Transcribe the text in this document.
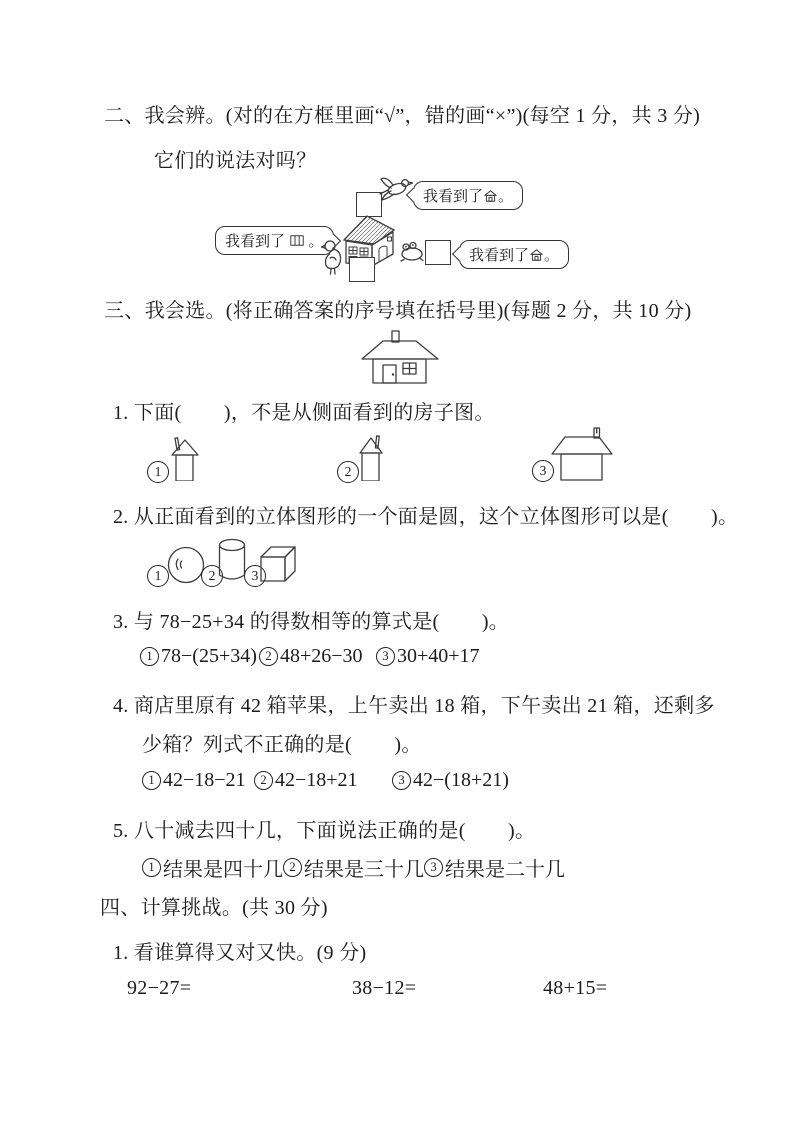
二、我会辨。(对的在方框里画“√”，错的画“×”)(每空 1 分，共 3 分)
它们的说法对吗？
我看到了 。
我看到了 。
我看到了 。
三、我会选。(将正确答案的序号填在括号里)(每题 2 分，共 10 分)
1. 下面(        )，不是从侧面看到的房子图。
1	2	3
2. 从正面看到的立体图形的一个面是圆，这个立体图形可以是(        )。
1	2	3
3. 与 78−25+34 的得数相等的算式是(        )。
1 78−(25+34) 2 48+26−30	3 30+40+17
4. 商店里原有 42 箱苹果，上午卖出 18 箱，下午卖出 21 箱，还剩多
少箱？列式不正确的是(        )。
1 42−18−21	2 42−18+21	3 42−(18+21)
5. 八十减去四十几，下面说法正确的是(        )。
1 结果是四十几 2 结果是三十几 3 结果是二十几
四、计算挑战。(共 30 分)
1. 看谁算得又对又快。(9 分)
92−27=	38−12=	48+15=
